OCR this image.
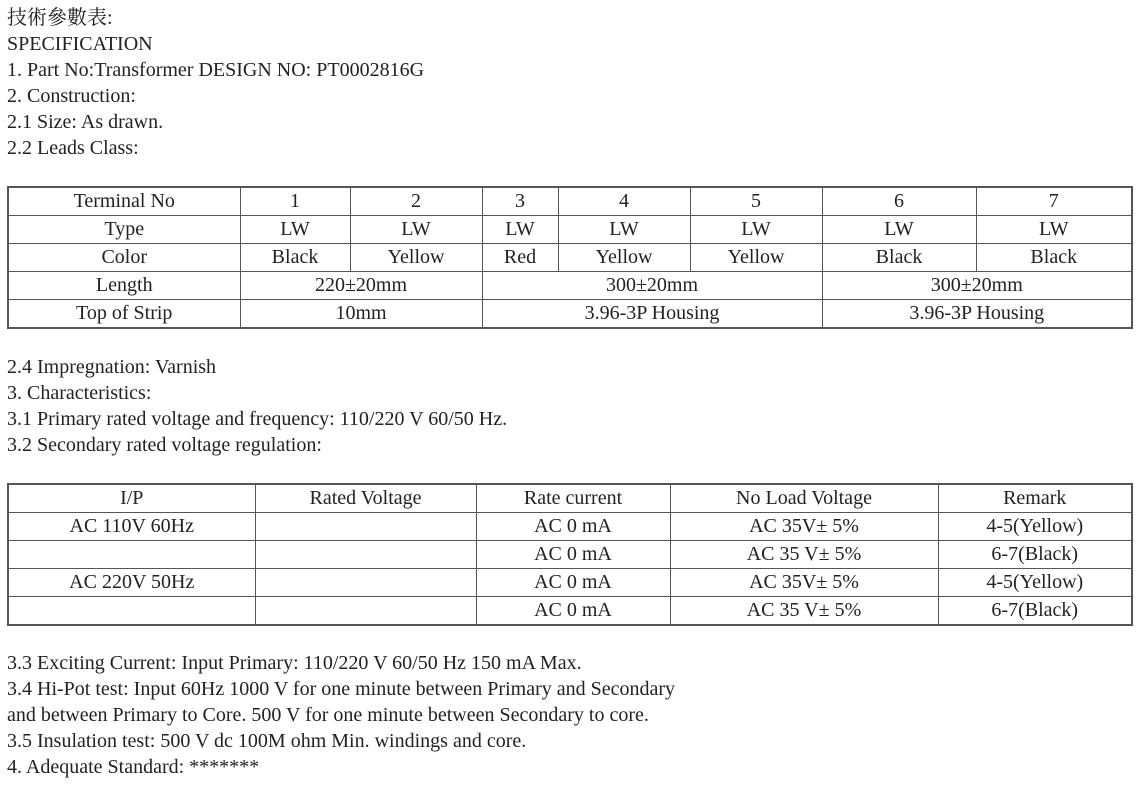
技術參數表:
SPECIFICATION
1. Part No:Transformer DESIGN NO: PT0002816G
2. Construction:
2.1 Size: As drawn.
2.2 Leads Class:
Terminal No	1	2	3	4	5	6	7
Type	LW	LW	LW	LW	LW	LW	LW
Color	Black	Yellow	Red	Yellow	Yellow	Black	Black
Length	220±20mm		300±20mm			300±20mm	
Top of Strip	10mm		3.96-3P Housing			3.96-3P Housing	
2.4 Impregnation: Varnish
3. Characteristics:
3.1 Primary rated voltage and frequency: 110/220 V 60/50 Hz.
3.2 Secondary rated voltage regulation:
I/P	Rated Voltage	Rate current	No Load Voltage	Remark
AC 110V 60Hz		AC 0 mA	AC 35V± 5%	4-5(Yellow)
		AC 0 mA	AC 35 V± 5%	6-7(Black)
AC 220V 50Hz		AC 0 mA	AC 35V± 5%	4-5(Yellow)
		AC 0 mA	AC 35 V± 5%	6-7(Black)
3.3 Exciting Current: Input Primary: 110/220 V 60/50 Hz 150 mA Max.
3.4 Hi-Pot test: Input 60Hz 1000 V for one minute between Primary and Secondary
and between Primary to Core. 500 V for one minute between Secondary to core.
3.5 Insulation test: 500 V dc 100M ohm Min. windings and core.
4. Adequate Standard: *******
